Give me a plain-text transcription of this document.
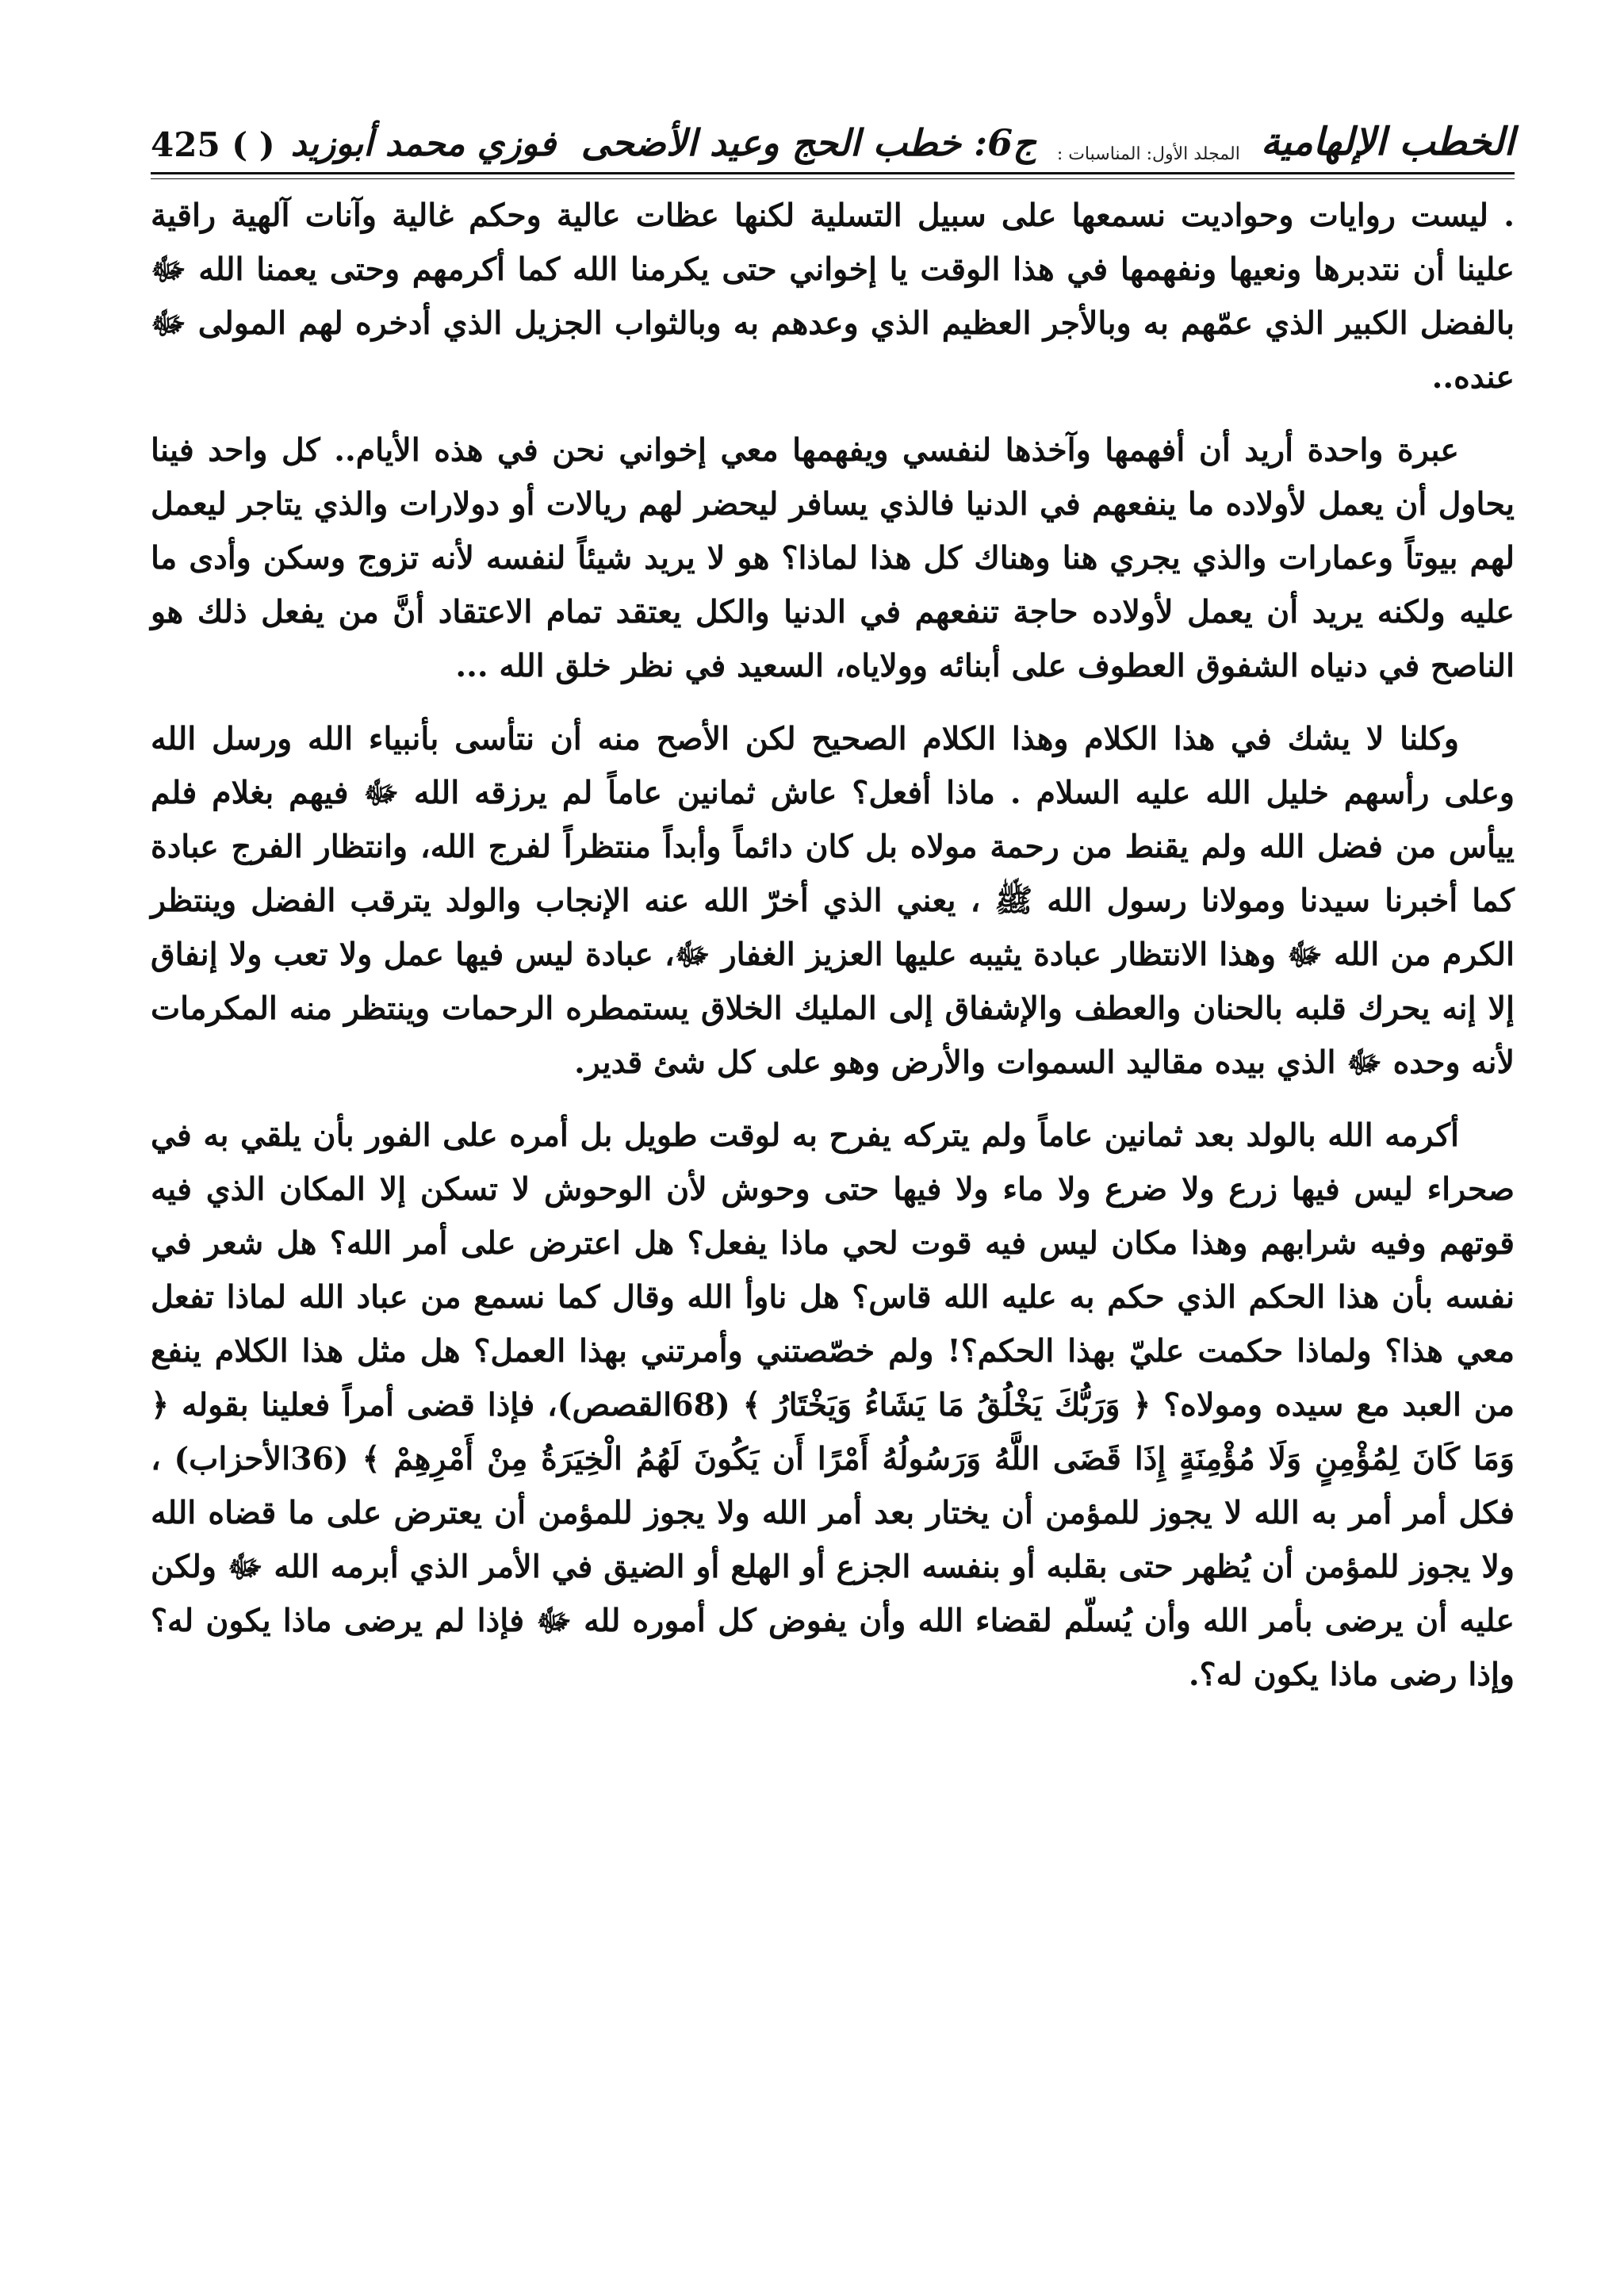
الخطب الإلهامية
المجلد الأول: المناسبات :
ج6: خطب الحج وعيد الأضحى
فوزي محمد أبوزيد
425 ( )

. ليست روايات وحواديت نسمعها على سبيل التسلية لكنها عظات عالية وحكم غالية وآنات آلهية راقية علينا أن نتدبرها ونعيها ونفهمها في هذا الوقت يا إخواني حتى يكرمنا الله كما أكرمهم وحتى يعمنا الله ﷻ بالفضل الكبير الذي عمّهم به وبالأجر العظيم الذي وعدهم به وبالثواب الجزيل الذي أدخره لهم المولى ﷻ عنده..

عبرة واحدة أريد أن أفهمها وآخذها لنفسي ويفهمها معي إخواني نحن في هذه الأيام.. كل واحد فينا يحاول أن يعمل لأولاده ما ينفعهم في الدنيا فالذي يسافر ليحضر لهم ريالات أو دولارات والذي يتاجر ليعمل لهم بيوتاً وعمارات والذي يجري هنا وهناك كل هذا لماذا؟ هو لا يريد شيئاً لنفسه لأنه تزوج وسكن وأدى ما عليه ولكنه يريد أن يعمل لأولاده حاجة تنفعهم في الدنيا والكل يعتقد تمام الاعتقاد أنَّ من يفعل ذلك هو الناصح في دنياه الشفوق العطوف على أبنائه وولاياه، السعيد في نظر خلق الله ...

وكلنا لا يشك في هذا الكلام وهذا الكلام الصحيح لكن الأصح منه أن نتأسى بأنبياء الله ورسل الله وعلى رأسهم خليل الله عليه السلام . ماذا أفعل؟ عاش ثمانين عاماً لم يرزقه الله ﷻ فيهم بغلام فلم ييأس من فضل الله ولم يقنط من رحمة مولاه بل كان دائماً وأبداً منتظراً لفرج الله، وانتظار الفرج عبادة كما أخبرنا سيدنا ومولانا رسول الله ﷺ ، يعني الذي أخرّ الله عنه الإنجاب والولد يترقب الفضل وينتظر الكرم من الله ﷻ وهذا الانتظار عبادة يثيبه عليها العزيز الغفار ﷻ، عبادة ليس فيها عمل ولا تعب ولا إنفاق إلا إنه يحرك قلبه بالحنان والعطف والإشفاق إلى المليك الخلاق يستمطره الرحمات وينتظر منه المكرمات لأنه وحده ﷻ الذي بيده مقاليد السموات والأرض وهو على كل شئ قدير.

أكرمه الله بالولد بعد ثمانين عاماً ولم يتركه يفرح به لوقت طويل بل أمره على الفور بأن يلقي به في صحراء ليس فيها زرع ولا ضرع ولا ماء ولا فيها حتى وحوش لأن الوحوش لا تسكن إلا المكان الذي فيه قوتهم وفيه شرابهم وهذا مكان ليس فيه قوت لحي ماذا يفعل؟ هل اعترض على أمر الله؟ هل شعر في نفسه بأن هذا الحكم الذي حكم به عليه الله قاس؟ هل ناوأ الله وقال كما نسمع من عباد الله لماذا تفعل معي هذا؟ ولماذا حكمت عليّ بهذا الحكم؟! ولم خصّصتني وأمرتني بهذا العمل؟ هل مثل هذا الكلام ينفع من العبد مع سيده ومولاه؟ ﴿ وَرَبُّكَ يَخْلُقُ مَا يَشَاءُ وَيَخْتَارُ ﴾ (68القصص)، فإذا قضى أمراً فعلينا بقوله ﴿ وَمَا كَانَ لِمُؤْمِنٍ وَلَا مُؤْمِنَةٍ إِذَا قَضَى اللَّهُ وَرَسُولُهُ أَمْرًا أَن يَكُونَ لَهُمُ الْخِيَرَةُ مِنْ أَمْرِهِمْ ﴾ (36الأحزاب) ، فكل أمر أمر به الله لا يجوز للمؤمن أن يختار بعد أمر الله ولا يجوز للمؤمن أن يعترض على ما قضاه الله ولا يجوز للمؤمن أن يُظهر حتى بقلبه أو بنفسه الجزع أو الهلع أو الضيق في الأمر الذي أبرمه الله ﷻ ولكن عليه أن يرضى بأمر الله وأن يُسلّم لقضاء الله وأن يفوض كل أموره لله ﷻ فإذا لم يرضى ماذا يكون له؟ وإذا رضى ماذا يكون له؟.
